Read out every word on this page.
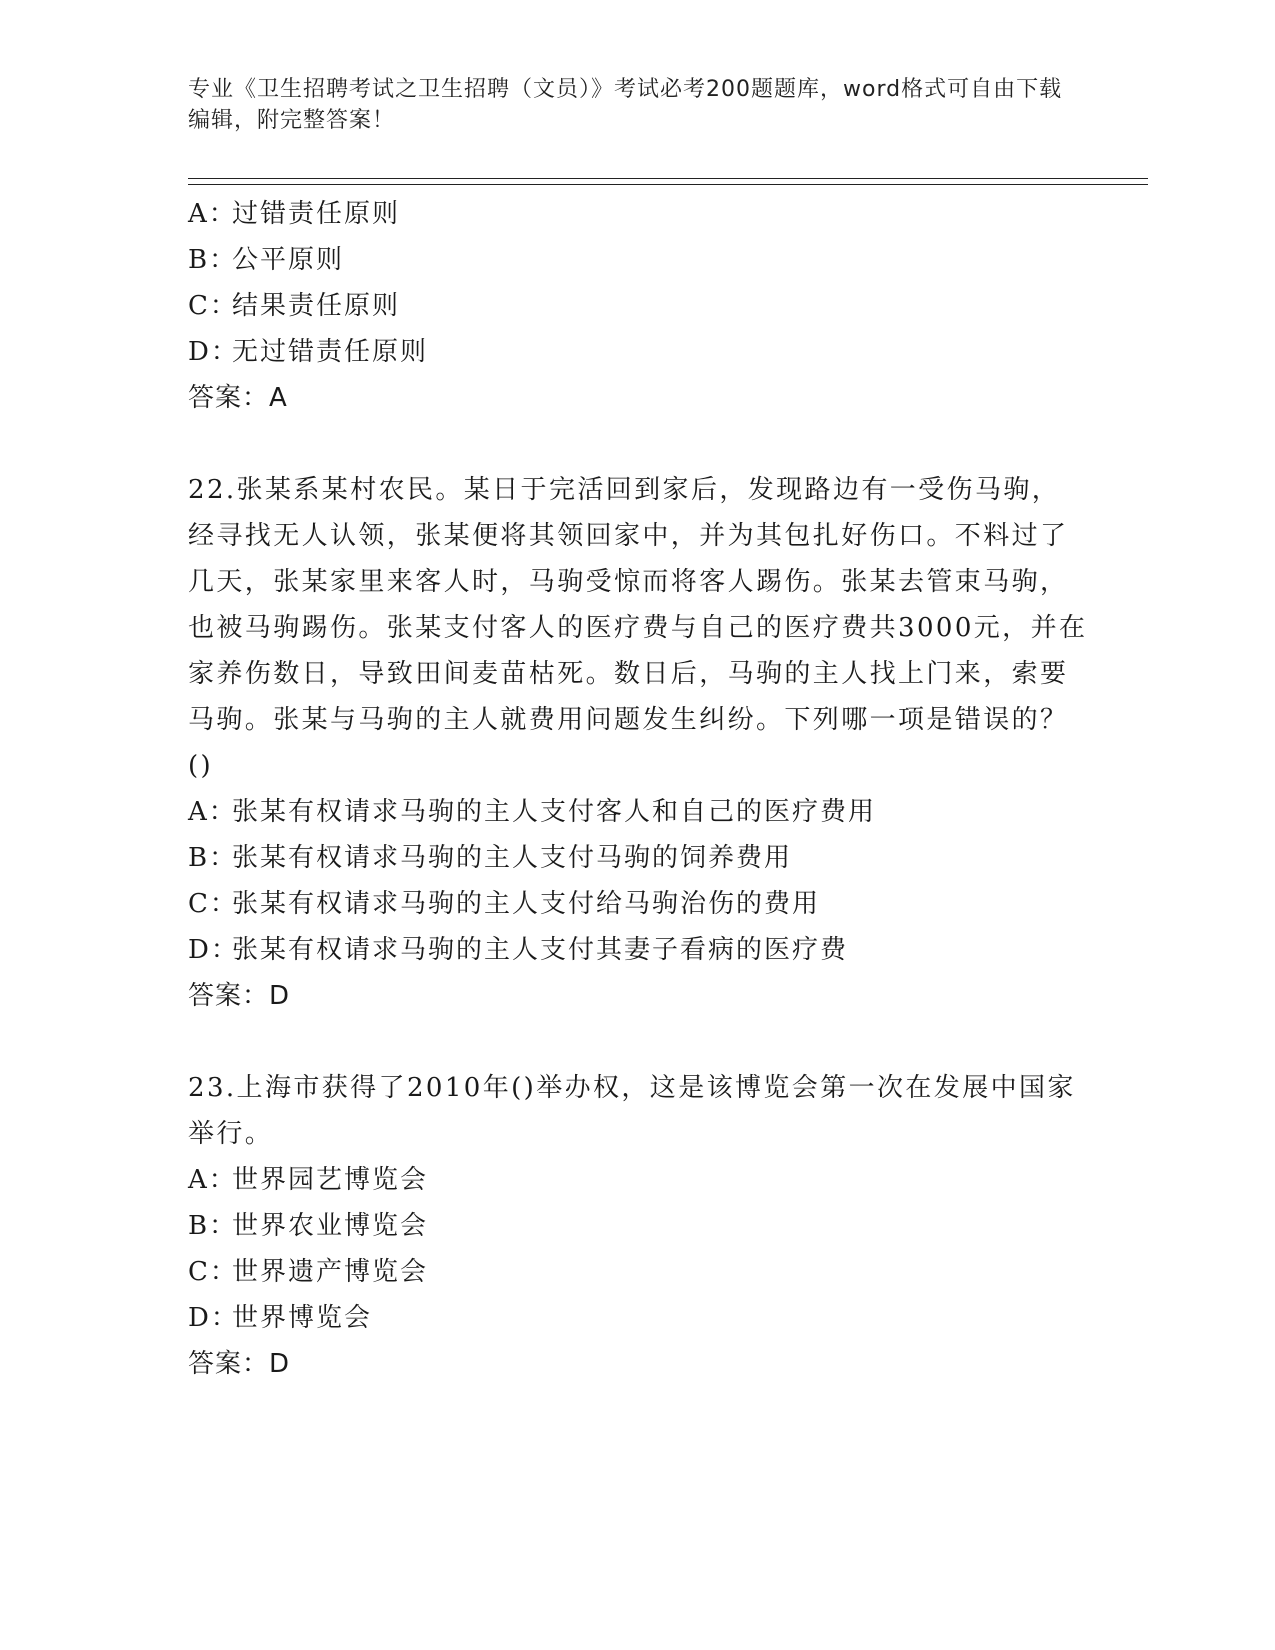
专业《卫生招聘考试之卫生招聘（文员）》考试必考200题题库，word格式可自由下载编辑，附完整答案！
A：过错责任原则
B：公平原则
C：结果责任原则
D：无过错责任原则
答案：A
22.张某系某村农民。某日于完活回到家后，发现路边有一受伤马驹，经寻找无人认领，张某便将其领回家中，并为其包扎好伤口。不料过了几天，张某家里来客人时，马驹受惊而将客人踢伤。张某去管束马驹，也被马驹踢伤。张某支付客人的医疗费与自己的医疗费共3000元，并在家养伤数日，导致田间麦苗枯死。数日后，马驹的主人找上门来，索要马驹。张某与马驹的主人就费用问题发生纠纷。下列哪一项是错误的？()
A：张某有权请求马驹的主人支付客人和自己的医疗费用
B：张某有权请求马驹的主人支付马驹的饲养费用
C：张某有权请求马驹的主人支付给马驹治伤的费用
D：张某有权请求马驹的主人支付其妻子看病的医疗费
答案：D
23.上海市获得了2010年()举办权，这是该博览会第一次在发展中国家举行。
A：世界园艺博览会
B：世界农业博览会
C：世界遗产博览会
D：世界博览会
答案：D
